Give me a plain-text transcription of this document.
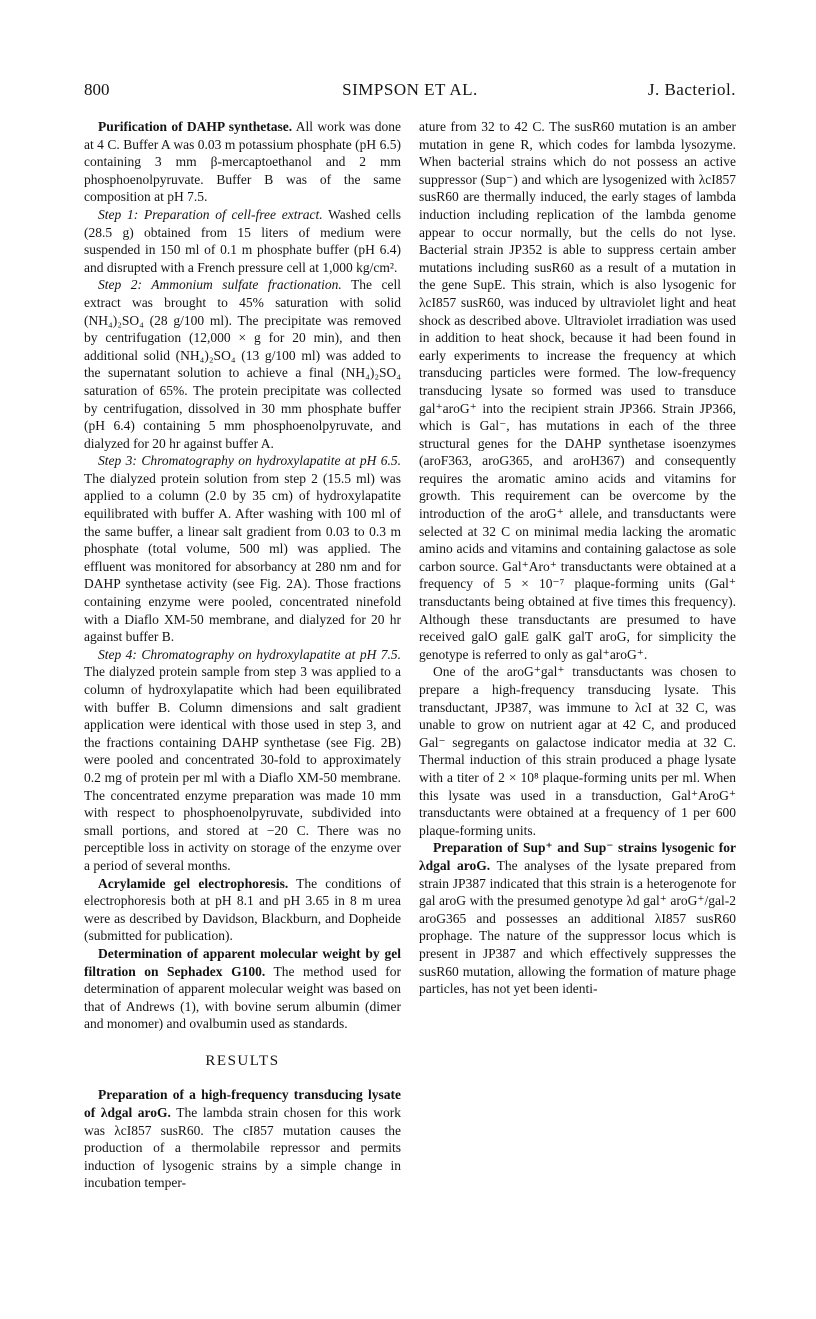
800	SIMPSON ET AL.	J. Bacteriol.

Purification of DAHP synthetase. All work was done at 4 C. Buffer A was 0.03 m potassium phosphate (pH 6.5) containing 3 mm β-mercaptoethanol and 2 mm phosphoenolpyruvate. Buffer B was of the same composition at pH 7.5.

Step 1: Preparation of cell-free extract. Washed cells (28.5 g) obtained from 15 liters of medium were suspended in 150 ml of 0.1 m phosphate buffer (pH 6.4) and disrupted with a French pressure cell at 1,000 kg/cm².

Step 2: Ammonium sulfate fractionation. The cell extract was brought to 45% saturation with solid (NH₄)₂SO₄ (28 g/100 ml). The precipitate was removed by centrifugation (12,000 × g for 20 min), and then additional solid (NH₄)₂SO₄ (13 g/100 ml) was added to the supernatant solution to achieve a final (NH₄)₂SO₄ saturation of 65%. The protein precipitate was collected by centrifugation, dissolved in 30 mm phosphate buffer (pH 6.4) containing 5 mm phosphoenolpyruvate, and dialyzed for 20 hr against buffer A.

Step 3: Chromatography on hydroxylapatite at pH 6.5. The dialyzed protein solution from step 2 (15.5 ml) was applied to a column (2.0 by 35 cm) of hydroxylapatite equilibrated with buffer A. After washing with 100 ml of the same buffer, a linear salt gradient from 0.03 to 0.3 m phosphate (total volume, 500 ml) was applied. The effluent was monitored for absorbancy at 280 nm and for DAHP synthetase activity (see Fig. 2A). Those fractions containing enzyme were pooled, concentrated ninefold with a Diaflo XM-50 membrane, and dialyzed for 20 hr against buffer B.

Step 4: Chromatography on hydroxylapatite at pH 7.5. The dialyzed protein sample from step 3 was applied to a column of hydroxylapatite which had been equilibrated with buffer B. Column dimensions and salt gradient application were identical with those used in step 3, and the fractions containing DAHP synthetase (see Fig. 2B) were pooled and concentrated 30-fold to approximately 0.2 mg of protein per ml with a Diaflo XM-50 membrane. The concentrated enzyme preparation was made 10 mm with respect to phosphoenolpyruvate, subdivided into small portions, and stored at −20 C. There was no perceptible loss in activity on storage of the enzyme over a period of several months.

Acrylamide gel electrophoresis. The conditions of electrophoresis both at pH 8.1 and pH 3.65 in 8 m urea were as described by Davidson, Blackburn, and Dopheide (submitted for publication).

Determination of apparent molecular weight by gel filtration on Sephadex G100. The method used for determination of apparent molecular weight was based on that of Andrews (1), with bovine serum albumin (dimer and monomer) and ovalbumin used as standards.

RESULTS

Preparation of a high-frequency transducing lysate of λdgal aroG. The lambda strain chosen for this work was λcI857 susR60. The cI857 mutation causes the production of a thermolabile repressor and permits induction of lysogenic strains by a simple change in incubation temper-

ature from 32 to 42 C. The susR60 mutation is an amber mutation in gene R, which codes for lambda lysozyme. When bacterial strains which do not possess an active suppressor (Sup⁻) and which are lysogenized with λcI857 susR60 are thermally induced, the early stages of lambda induction including replication of the lambda genome appear to occur normally, but the cells do not lyse. Bacterial strain JP352 is able to suppress certain amber mutations including susR60 as a result of a mutation in the gene SupE. This strain, which is also lysogenic for λcI857 susR60, was induced by ultraviolet light and heat shock as described above. Ultraviolet irradiation was used in addition to heat shock, because it had been found in early experiments to increase the frequency at which transducing particles were formed. The low-frequency transducing lysate so formed was used to transduce gal⁺aroG⁺ into the recipient strain JP366. Strain JP366, which is Gal⁻, has mutations in each of the three structural genes for the DAHP synthetase isoenzymes (aroF363, aroG365, and aroH367) and consequently requires the aromatic amino acids and vitamins for growth. This requirement can be overcome by the introduction of the aroG⁺ allele, and transductants were selected at 32 C on minimal media lacking the aromatic amino acids and vitamins and containing galactose as sole carbon source. Gal⁺Aro⁺ transductants were obtained at a frequency of 5 × 10⁻⁷ plaque-forming units (Gal⁺ transductants being obtained at five times this frequency). Although these transductants are presumed to have received galO galE galK galT aroG, for simplicity the genotype is referred to only as gal⁺aroG⁺.

One of the aroG⁺gal⁺ transductants was chosen to prepare a high-frequency transducing lysate. This transductant, JP387, was immune to λcI at 32 C, was unable to grow on nutrient agar at 42 C, and produced Gal⁻ segregants on galactose indicator media at 32 C. Thermal induction of this strain produced a phage lysate with a titer of 2 × 10⁸ plaque-forming units per ml. When this lysate was used in a transduction, Gal⁺AroG⁺ transductants were obtained at a frequency of 1 per 600 plaque-forming units.

Preparation of Sup⁺ and Sup⁻ strains lysogenic for λdgal aroG. The analyses of the lysate prepared from strain JP387 indicated that this strain is a heterogenote for gal aroG with the presumed genotype λd gal⁺ aroG⁺/gal-2 aroG365 and possesses an additional λI857 susR60 prophage. The nature of the suppressor locus which is present in JP387 and which effectively suppresses the susR60 mutation, allowing the formation of mature phage particles, has not yet been identi-
